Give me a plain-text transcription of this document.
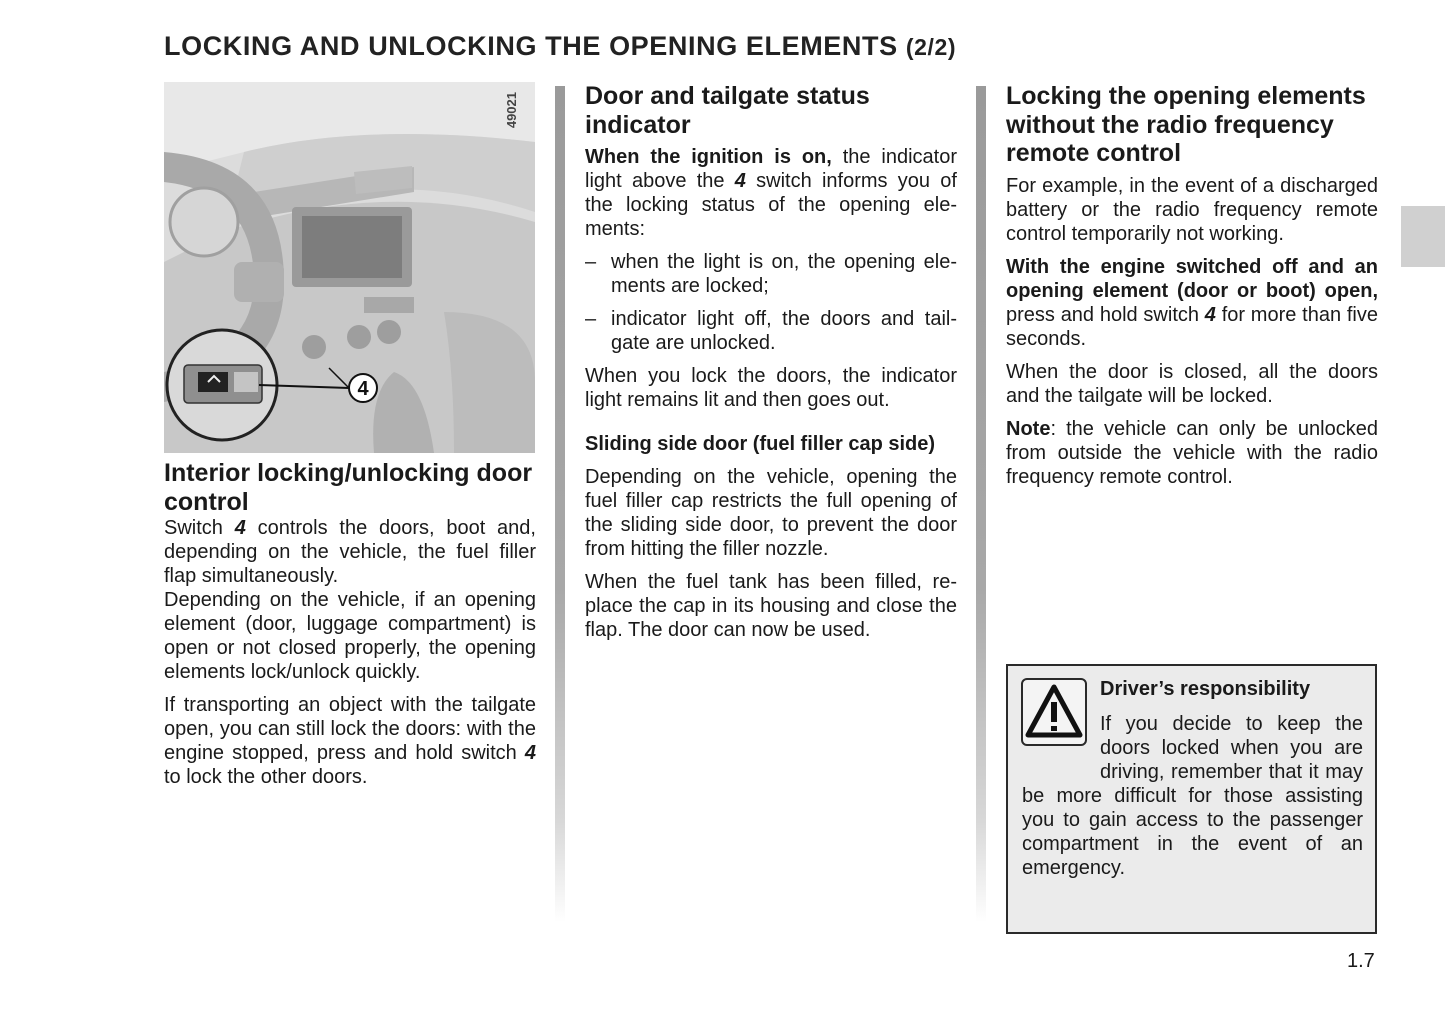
LOCKING AND UNLOCKING THE OPENING ELEMENTS (2/2)
4
49021
Interior locking/unlocking door control

Switch 4 controls the doors, boot and, depending on the vehicle, the fuel filler flap simultaneously.

Depending on the vehicle, if an opening element (door, luggage compartment) is open or not closed properly, the opening elements lock/unlock quickly.

If transporting an object with the tailgate open, you can still lock the doors: with the engine stopped, press and hold switch 4 to lock the other doors.

Door and tailgate status indicator

When the ignition is on, the indicator light above the 4 switch informs you of the locking status of the opening elements:

– when the light is on, the opening elements are locked;

– indicator light off, the doors and tailgate are unlocked.

When you lock the doors, the indicator light remains lit and then goes out.

Sliding side door (fuel filler cap side)

Depending on the vehicle, opening the fuel filler cap restricts the full opening of the sliding side door, to prevent the door from hitting the filler nozzle.

When the fuel tank has been filled, replace the cap in its housing and close the flap. The door can now be used.

Locking the opening elements without the radio frequency remote control

For example, in the event of a discharged battery or the radio frequency remote control temporarily not working.

With the engine switched off and an opening element (door or boot) open, press and hold switch 4 for more than five seconds.

When the door is closed, all the doors and the tailgate will be locked.

Note: the vehicle can only be unlocked from outside the vehicle with the radio frequency remote control.

Driver’s responsibility

If you decide to keep the doors locked when you are driving, remember that it may be more difficult for those assisting you to gain access to the passenger compartment in the event of an emergency.

1.7
